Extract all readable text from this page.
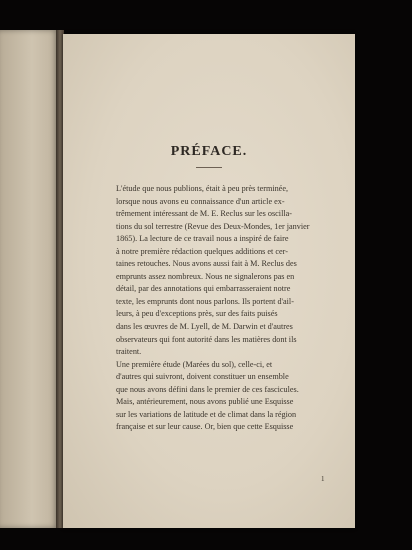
PRÉFACE.
1
L'étude que nous publions, était à peu près terminée,
lorsque nous avons eu connaissance d'un article ex-
trêmement intéressant de M. E. Reclus sur les oscilla-
tions du sol terrestre (Revue des Deux-Mondes, 1er janvier
1865). La lecture de ce travail nous a inspiré de faire
à notre première rédaction quelques additions et cer-
taines retouches. Nous avons aussi fait à M. Reclus des
emprunts assez nombreux. Nous ne signalerons pas en
détail, par des annotations qui embarrasseraient notre
texte, les emprunts dont nous parlons. Ils portent d'ail-
leurs, à peu d'exceptions près, sur des faits puisés
dans les œuvres de M. Lyell, de M. Darwin et d'autres
observateurs qui font autorité dans les matières dont ils
traitent.
Une première étude (Marées du sol), celle-ci, et
d'autres qui suivront, doivent constituer un ensemble
que nous avons défini dans le premier de ces fascicules.
Mais, antérieurement, nous avons publié une Esquisse
sur les variations de latitude et de climat dans la région
française et sur leur cause. Or, bien que cette Esquisse
